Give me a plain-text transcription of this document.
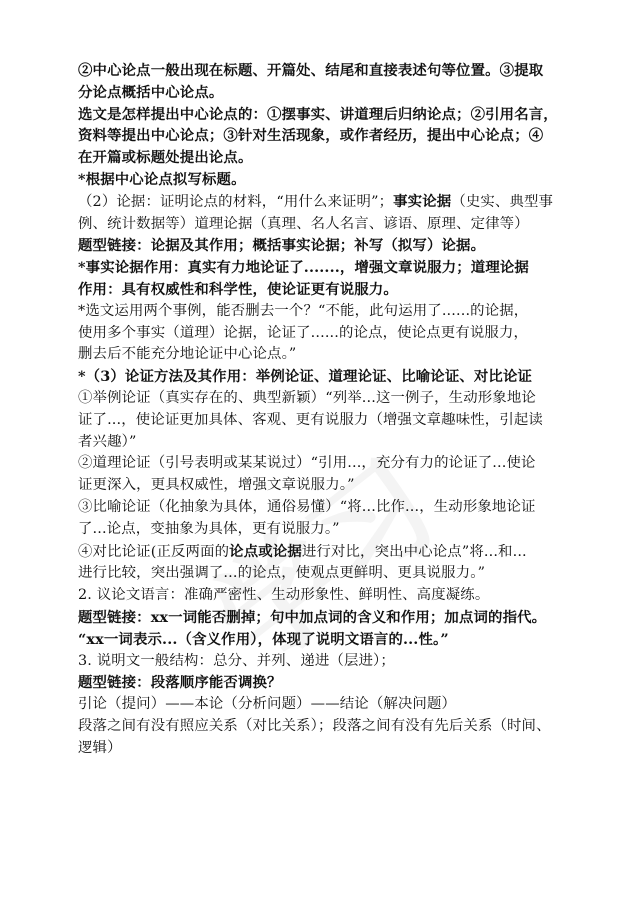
②中心论点一般出现在标题、开篇处、结尾和直接表述句等位置。③提取

分论点概括中心论点。

选文是怎样提出中心论点的：①摆事实、讲道理后归纳论点；②引用名言，

资料等提出中心论点；③针对生活现象，或作者经历，提出中心论点；④

在开篇或标题处提出论点。

*根据中心论点拟写标题。

（2）论据：证明论点的材料，“用什么来证明”；事实论据（史实、典型事

例、统计数据等）道理论据（真理、名人名言、谚语、原理、定律等）

题型链接：论据及其作用；概括事实论据；补写（拟写）论据。

*事实论据作用：真实有力地论证了.......，增强文章说服力；道理论据

作用：具有权威性和科学性，使论证更有说服力。

*选文运用两个事例，能否删去一个？“不能，此句运用了......的论据，

使用多个事实（道理）论据，论证了......的论点，使论点更有说服力，

删去后不能充分地论证中心论点。”

*（3）论证方法及其作用：举例论证、道理论证、比喻论证、对比论证

①举例论证（真实存在的、典型新颖）“列举...这一例子，生动形象地论

证了...，使论证更加具体、客观、更有说服力（增强文章趣味性，引起读

者兴趣）”

②道理论证（引号表明或某某说过）“引用...，充分有力的论证了...使论

证更深入，更具权威性，增强文章说服力。”

③比喻论证（化抽象为具体，通俗易懂）“将...比作...，生动形象地论证

了...论点，变抽象为具体，更有说服力。”

④对比论证(正反两面的论点或论据进行对比，突出中心论点”将...和...

进行比较，突出强调了...的论点，使观点更鲜明、更具说服力。”

2. 议论文语言：准确严密性、生动形象性、鲜明性、高度凝练。

题型链接：xx一词能否删掉；句中加点词的含义和作用；加点词的指代。

“xx一词表示...（含义作用），体现了说明文语言的...性。”

3. 说明文一般结构：总分、并列、递进（层进）；

题型链接：段落顺序能否调换？

引论（提问）——本论（分析问题）——结论（解决问题）

段落之间有没有照应关系（对比关系）；段落之间有没有先后关系（时间、

逻辑）
